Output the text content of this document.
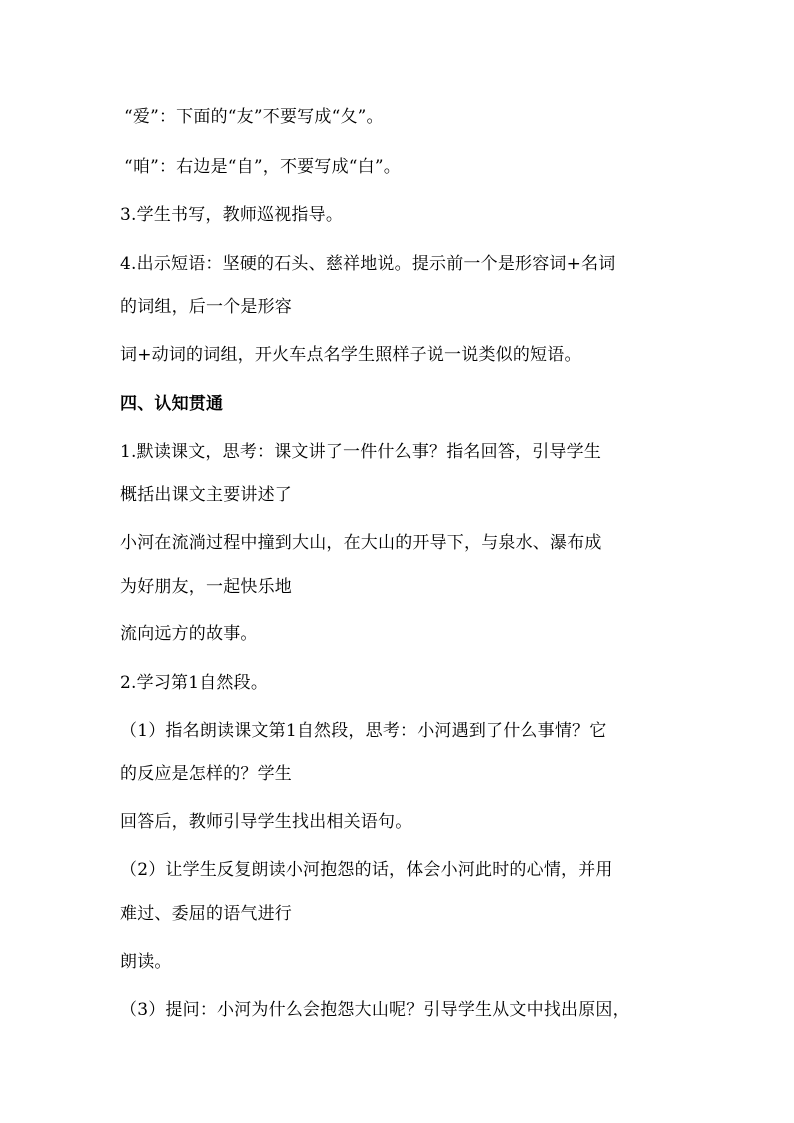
“爱”：下面的“友”不要写成“夂”。
“咱”：右边是“自”，不要写成“白”。
3.学生书写，教师巡视指导。
4.出示短语：坚硬的石头、慈祥地说。提示前一个是形容词+名词
的词组，后一个是形容
词+动词的词组，开火车点名学生照样子说一说类似的短语。
四、认知贯通
1.默读课文，思考：课文讲了一件什么事？指名回答，引导学生
概括出课文主要讲述了
小河在流淌过程中撞到大山，在大山的开导下，与泉水、瀑布成
为好朋友，一起快乐地
流向远方的故事。
2.学习第1自然段。
（1）指名朗读课文第1自然段，思考：小河遇到了什么事情？它
的反应是怎样的？学生
回答后，教师引导学生找出相关语句。
（2）让学生反复朗读小河抱怨的话，体会小河此时的心情，并用
难过、委屈的语气进行
朗读。
（3）提问：小河为什么会抱怨大山呢？引导学生从文中找出原因，
